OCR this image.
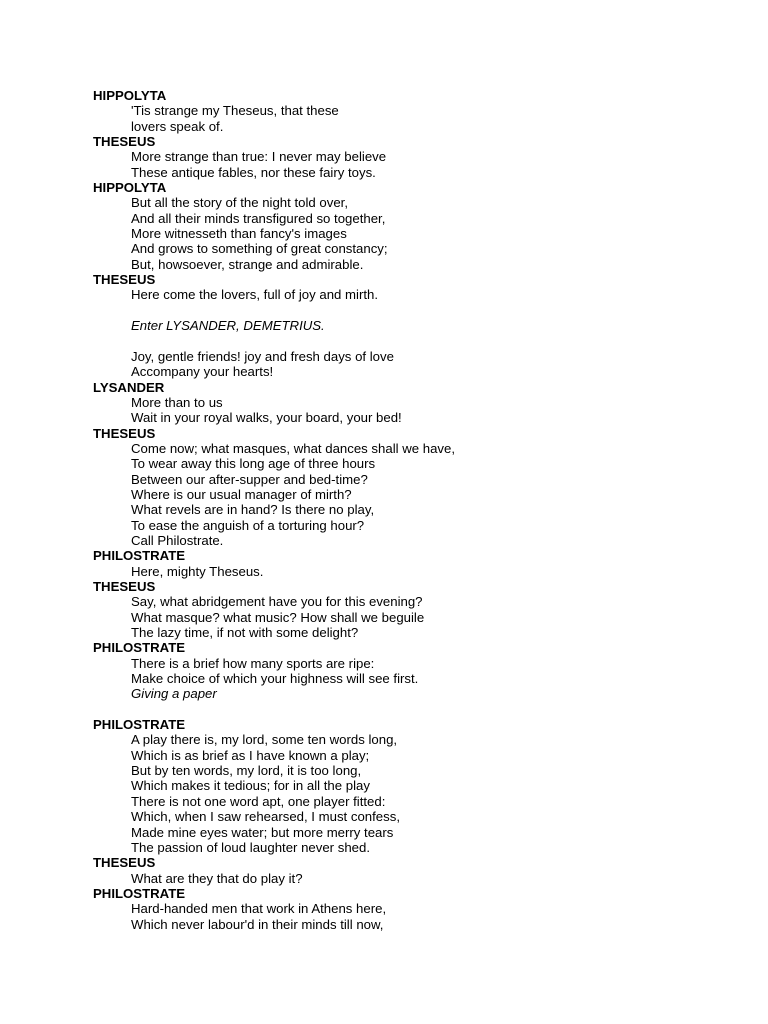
HIPPOLYTA
'Tis strange my Theseus, that these
lovers speak of.
THESEUS
More strange than true: I never may believe
These antique fables, nor these fairy toys.
HIPPOLYTA
But all the story of the night told over,
And all their minds transfigured so together,
More witnesseth than fancy's images
And grows to something of great constancy;
But, howsoever, strange and admirable.
THESEUS
Here come the lovers, full of joy and mirth.
Enter LYSANDER, DEMETRIUS.
Joy, gentle friends! joy and fresh days of love
Accompany your hearts!
LYSANDER
More than to us
Wait in your royal walks, your board, your bed!
THESEUS
Come now; what masques, what dances shall we have,
To wear away this long age of three hours
Between our after-supper and bed-time?
Where is our usual manager of mirth?
What revels are in hand? Is there no play,
To ease the anguish of a torturing hour?
Call Philostrate.
PHILOSTRATE
Here, mighty Theseus.
THESEUS
Say, what abridgement have you for this evening?
What masque? what music? How shall we beguile
The lazy time, if not with some delight?
PHILOSTRATE
There is a brief how many sports are ripe:
Make choice of which your highness will see first.
Giving a paper
PHILOSTRATE
A play there is, my lord, some ten words long,
Which is as brief as I have known a play;
But by ten words, my lord, it is too long,
Which makes it tedious; for in all the play
There is not one word apt, one player fitted:
Which, when I saw rehearsed, I must confess,
Made mine eyes water; but more merry tears
The passion of loud laughter never shed.
THESEUS
What are they that do play it?
PHILOSTRATE
Hard-handed men that work in Athens here,
Which never labour'd in their minds till now,
